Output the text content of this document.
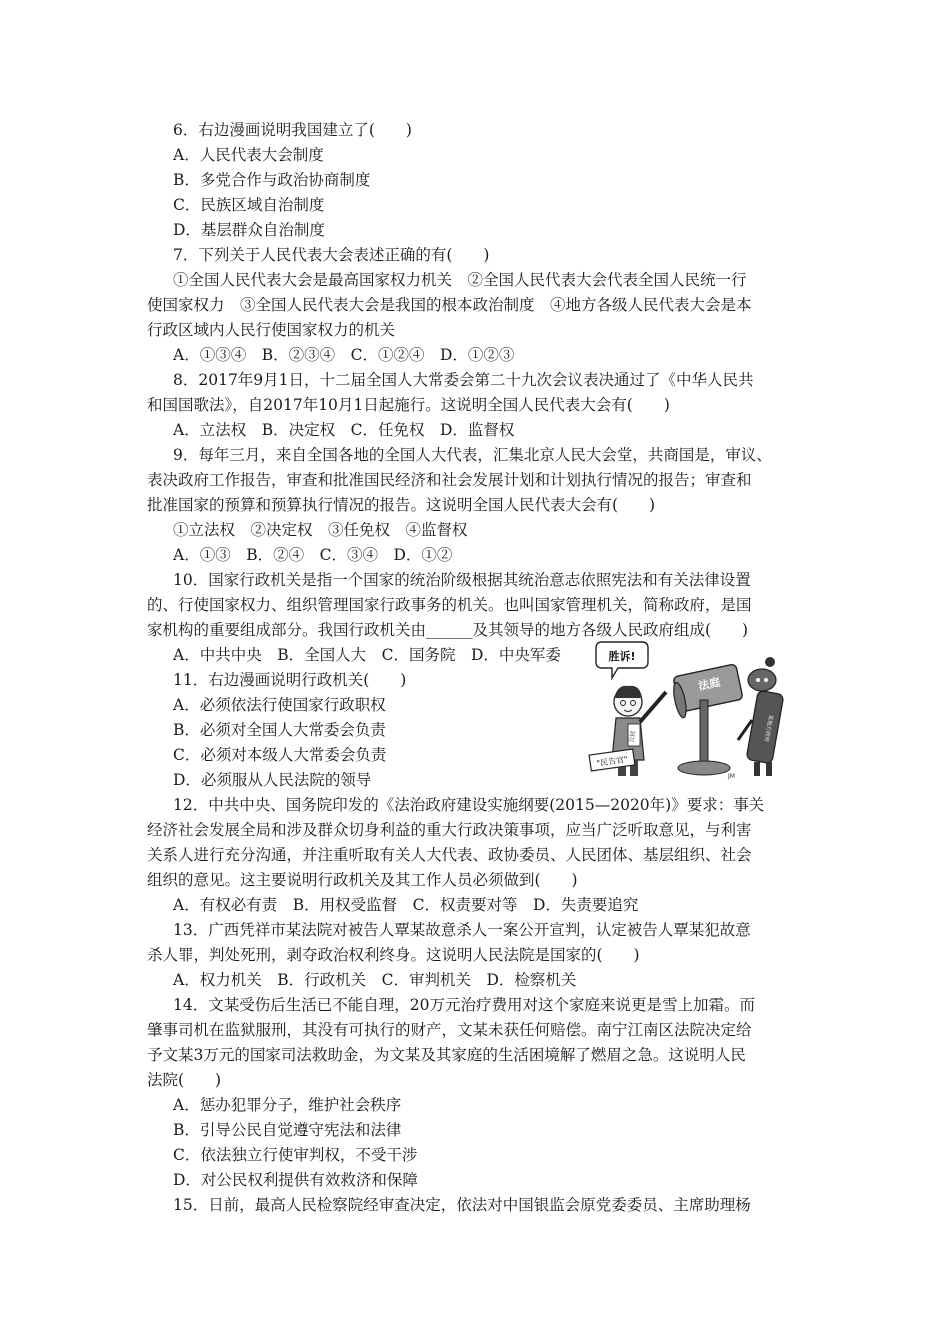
6．右边漫画说明我国建立了(　　)
A．人民代表大会制度
B．多党合作与政治协商制度
C．民族区域自治制度
D．基层群众自治制度
7．下列关于人民代表大会表述正确的有(　　)
①全国人民代表大会是最高国家权力机关　②全国人民代表大会代表全国人民统一行
使国家权力　③全国人民代表大会是我国的根本政治制度　④地方各级人民代表大会是本
行政区域内人民行使国家权力的机关
A．①③④　B．②③④　C．①②④　D．①②③
8．2017年9月1日，十二届全国人大常委会第二十九次会议表决通过了《中华人民共
和国国歌法》，自2017年10月1日起施行。这说明全国人民代表大会有(　　)
A．立法权　B．决定权　C．任免权　D．监督权
9．每年三月，来自全国各地的全国人大代表，汇集北京人民大会堂，共商国是，审议、
表决政府工作报告，审查和批准国民经济和社会发展计划和计划执行情况的报告；审查和
批准国家的预算和预算执行情况的报告。这说明全国人民代表大会有(　　)
①立法权　②决定权　③任免权　④监督权
A．①③　B．②④　C．③④　D．①②
10．国家行政机关是指一个国家的统治阶级根据其统治意志依照宪法和有关法律设置
的、行使国家权力、组织管理国家行政事务的机关。也叫国家管理机关，简称政府，是国
家机构的重要组成部分。我国行政机关由______及其领导的地方各级人民政府组成(　　)
A．中共中央　B．全国人大　C．国务院　D．中央军委
11．右边漫画说明行政机关(　　)
A．必须依法行使国家行政职权
B．必须对全国人大常委会负责
C．必须对本级人大常委会负责
D．必须服从人民法院的领导
胜诉!
公民
"民告官"
法庭
某地方政府
JM
12．中共中央、国务院印发的《法治政府建设实施纲要(2015—2020年)》要求：事关
经济社会发展全局和涉及群众切身利益的重大行政决策事项，应当广泛听取意见，与利害
关系人进行充分沟通，并注重听取有关人大代表、政协委员、人民团体、基层组织、社会
组织的意见。这主要说明行政机关及其工作人员必须做到(　　)
A．有权必有责　B．用权受监督　C．权责要对等　D．失责要追究
13．广西凭祥市某法院对被告人覃某故意杀人一案公开宣判，认定被告人覃某犯故意
杀人罪，判处死刑，剥夺政治权利终身。这说明人民法院是国家的(　　)
A．权力机关　B．行政机关　C．审判机关　D．检察机关
14．文某受伤后生活已不能自理，20万元治疗费用对这个家庭来说更是雪上加霜。而
肇事司机在监狱服刑，其没有可执行的财产，文某未获任何赔偿。南宁江南区法院决定给
予文某3万元的国家司法救助金，为文某及其家庭的生活困境解了燃眉之急。这说明人民
法院(　　)
A．惩办犯罪分子，维护社会秩序
B．引导公民自觉遵守宪法和法律
C．依法独立行使审判权，不受干涉
D．对公民权利提供有效救济和保障
15．日前，最高人民检察院经审查决定，依法对中国银监会原党委委员、主席助理杨
